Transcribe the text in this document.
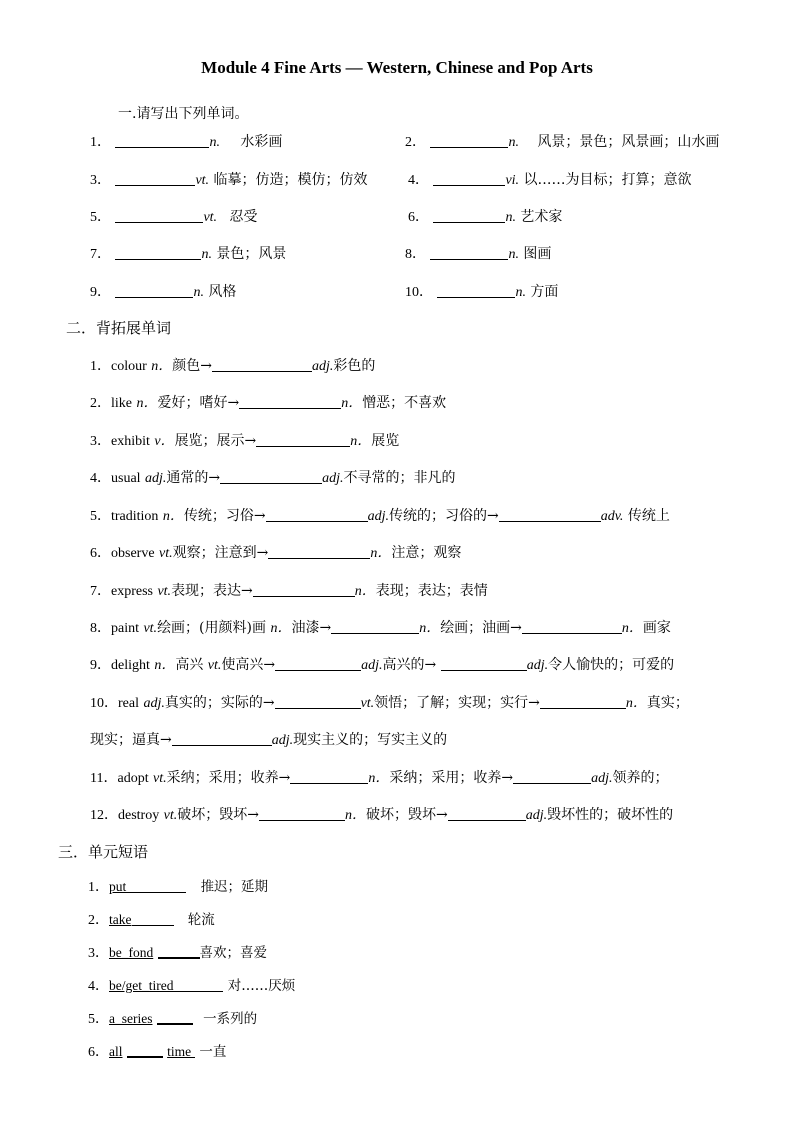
Module 4 Fine Arts — Western, Chinese and Pop Arts
一.请写出下列单词。
1．	n. 水彩画	2．	n. 风景；景色；风景画；山水画
3．	vt. 临摹；仿造；模仿；仿效	4．	vi. 以……为目标；打算；意欲
5．	vt. 忍受	6．	n. 艺术家
7．	n. 景色；风景	8．	n. 图画
9．	n. 风格	10．	n. 方面
二．背拓展单词
1．colour n．颜色→	adj.彩色的
2．like n．爱好；嗜好→	n．憎恶；不喜欢
3．exhibit v．展览；展示→	n．展览
4．usual adj.通常的→	adj.不寻常的；非凡的
5．tradition n．传统；习俗→	adj.传统的；习俗的→	adv. 传统上
6．observe vt.观察；注意到→	n．注意；观察
7．express vt.表现；表达→	n．表现；表达；表情
8．paint vt.绘画；(用颜料)画 n．油漆→	n．绘画；油画→	n．画家
9．delight n．高兴 vt.使高兴→	adj.高兴的→	adj.令人愉快的；可爱的
10．real adj.真实的；实际的→	vt.领悟；了解；实现；实行→	n．真实；
现实；逼真→	adj.现实主义的；写实主义的
11．adopt vt.采纳；采用；收养→	n．采纳；采用；收养→	adj.领养的；
12．destroy vt.破坏；毁坏→	n．破坏；毁坏→	adj.毁坏性的；破坏性的
三．单元短语
1．put	推迟；延期
2．take	轮流
3．be_fond	喜欢；喜爱
4．be/get_tired	对……厌烦
5．a_series	一系列的
6．all	time 一直
